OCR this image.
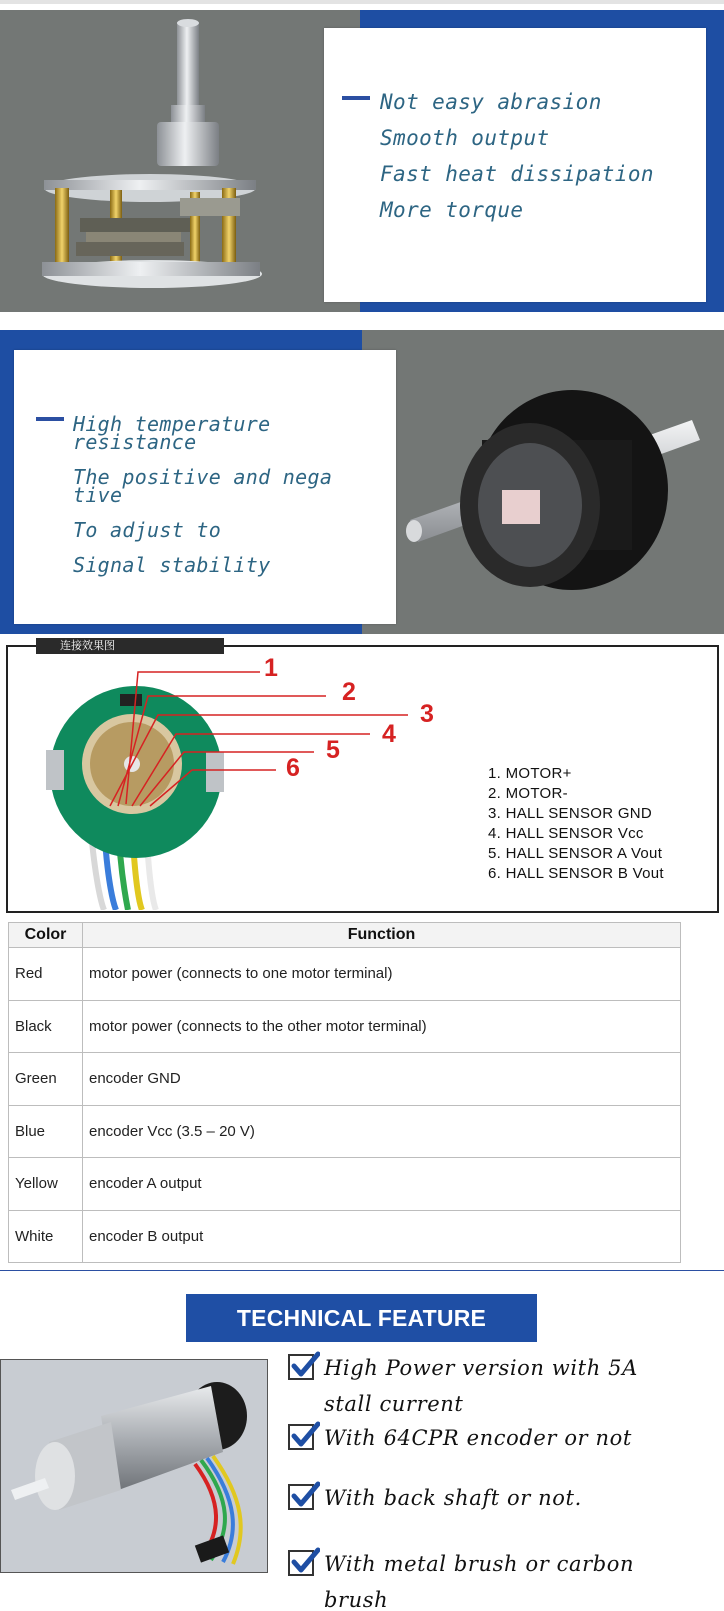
Not easy abrasion
Smooth output
Fast heat dissipation
More torque
High temperature
resistance
The positive and nega
tive
To adjust to
Signal stability
连接效果图
1
2
3
4
5
6	1. MOTOR+
2. MOTOR-
3. HALL SENSOR GND
4. HALL SENSOR Vcc
5. HALL SENSOR A Vout
6. HALL SENSOR B Vout
Color	Function
Red	motor power (connects to one motor terminal)
Black	motor power (connects to the other motor terminal)
Green	encoder GND
Blue	encoder Vcc (3.5 – 20 V)
Yellow	encoder A output
White	encoder B output
TECHNICAL FEATURE
High Power version with 5A
stall current
With 64CPR encoder or not
With back shaft or not.
With metal brush or carbon
brush
